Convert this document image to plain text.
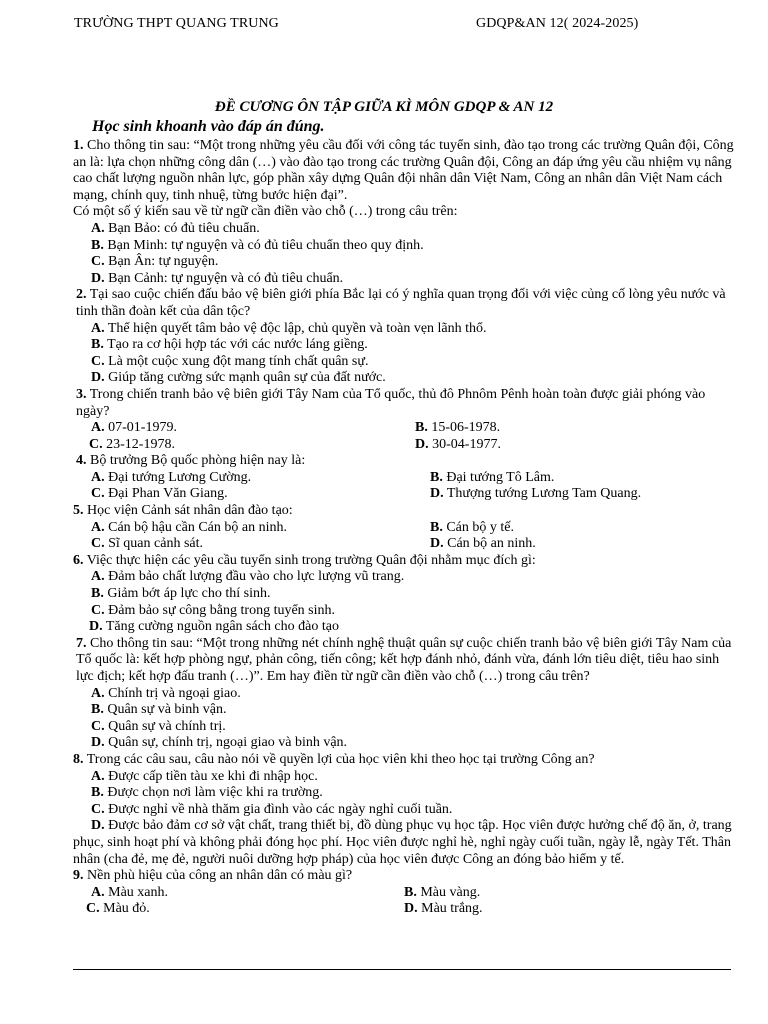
TRƯỜNG THPT QUANG TRUNG	GDQP&AN 12( 2024-2025)
ĐỀ CƯƠNG ÔN TẬP GIỮA KÌ MÔN GDQP & AN 12
Học sinh khoanh vào đáp án đúng.
1. Cho thông tin sau: “Một trong những yêu cầu đối với công tác tuyển sinh, đào tạo trong các trường Quân đội, Công an là: lựa chọn những công dân (…) vào đào tạo trong các trường Quân đội, Công an đáp ứng yêu cầu nhiệm vụ nâng cao chất lượng nguồn nhân lực, góp phần xây dựng Quân đội nhân dân Việt Nam, Công an nhân dân Việt Nam cách mạng, chính quy, tinh nhuệ, từng bước hiện đại”.
Có một số ý kiến sau về từ ngữ cần điền vào chỗ (…) trong câu trên:
A. Bạn Bảo: có đủ tiêu chuẩn.
B. Bạn Minh: tự nguyện và có đủ tiêu chuẩn theo quy định.
C. Bạn Ân: tự nguyện.
D. Bạn Cảnh: tự nguyện và có đủ tiêu chuẩn.
2. Tại sao cuộc chiến đấu bảo vệ biên giới phía Bắc lại có ý nghĩa quan trọng đối với việc củng cố lòng yêu nước và tinh thần đoàn kết của dân tộc?
A. Thể hiện quyết tâm bảo vệ độc lập, chủ quyền và toàn vẹn lãnh thổ.
B. Tạo ra cơ hội hợp tác với các nước láng giềng.
C. Là một cuộc xung đột mang tính chất quân sự.
D. Giúp tăng cường sức mạnh quân sự của đất nước.
3. Trong chiến tranh bảo vệ biên giới Tây Nam của Tổ quốc, thủ đô Phnôm Pênh hoàn toàn được giải phóng vào ngày?
A. 07-01-1979.	B. 15-06-1978.
C. 23-12-1978.	D. 30-04-1977.
4. Bộ trưởng Bộ quốc phòng hiện nay là:
A. Đại tướng Lương Cường.	B. Đại tướng Tô Lâm.
C. Đại Phan Văn Giang.	D. Thượng tướng Lương Tam Quang.
5. Học viện Cảnh sát nhân dân đào tạo:
A. Cán bộ hậu cần Cán bộ an ninh.	B. Cán bộ y tế.
C. Sĩ quan cảnh sát.	D. Cán bộ an ninh.
6. Việc thực hiện các yêu cầu tuyển sinh trong trường Quân đội nhằm mục đích gì:
A. Đảm bảo chất lượng đầu vào cho lực lượng vũ trang.
B. Giảm bớt áp lực cho thí sinh.
C. Đảm bảo sự công bằng trong tuyển sinh.
D. Tăng cường nguồn ngân sách cho đào tạo
7. Cho thông tin sau: “Một trong những nét chính nghệ thuật quân sự cuộc chiến tranh bảo vệ biên giới Tây Nam của Tổ quốc là: kết hợp phòng ngự, phản công, tiến công; kết hợp đánh nhỏ, đánh vừa, đánh lớn tiêu diệt, tiêu hao sinh lực địch; kết hợp đấu tranh (…)”. Em hay điền từ ngữ cần điền vào chỗ (…) trong câu trên?
A. Chính trị và ngoại giao.
B. Quân sự và binh vận.
C. Quân sự và chính trị.
D. Quân sự, chính trị, ngoại giao và binh vận.
8. Trong các câu sau, câu nào nói về quyền lợi của học viên khi theo học tại trường Công an?
A. Được cấp tiền tàu xe khi đi nhập học.
B. Được chọn nơi làm việc khi ra trường.
C. Được nghỉ về nhà thăm gia đình vào các ngày nghỉ cuối tuần.
D. Được bảo đảm cơ sở vật chất, trang thiết bị, đồ dùng phục vụ học tập. Học viên được hưởng chế độ ăn, ở, trang phục, sinh hoạt phí và không phải đóng học phí. Học viên được nghỉ hè, nghỉ ngày cuối tuần, ngày lễ, ngày Tết. Thân nhân (cha đẻ, mẹ đẻ, người nuôi dưỡng hợp pháp) của học viên được Công an đóng bảo hiểm y tế.
9. Nền phù hiệu của công an nhân dân có màu gì?
A. Màu xanh.	B. Màu vàng.
C. Màu đỏ.	D. Màu trắng.
